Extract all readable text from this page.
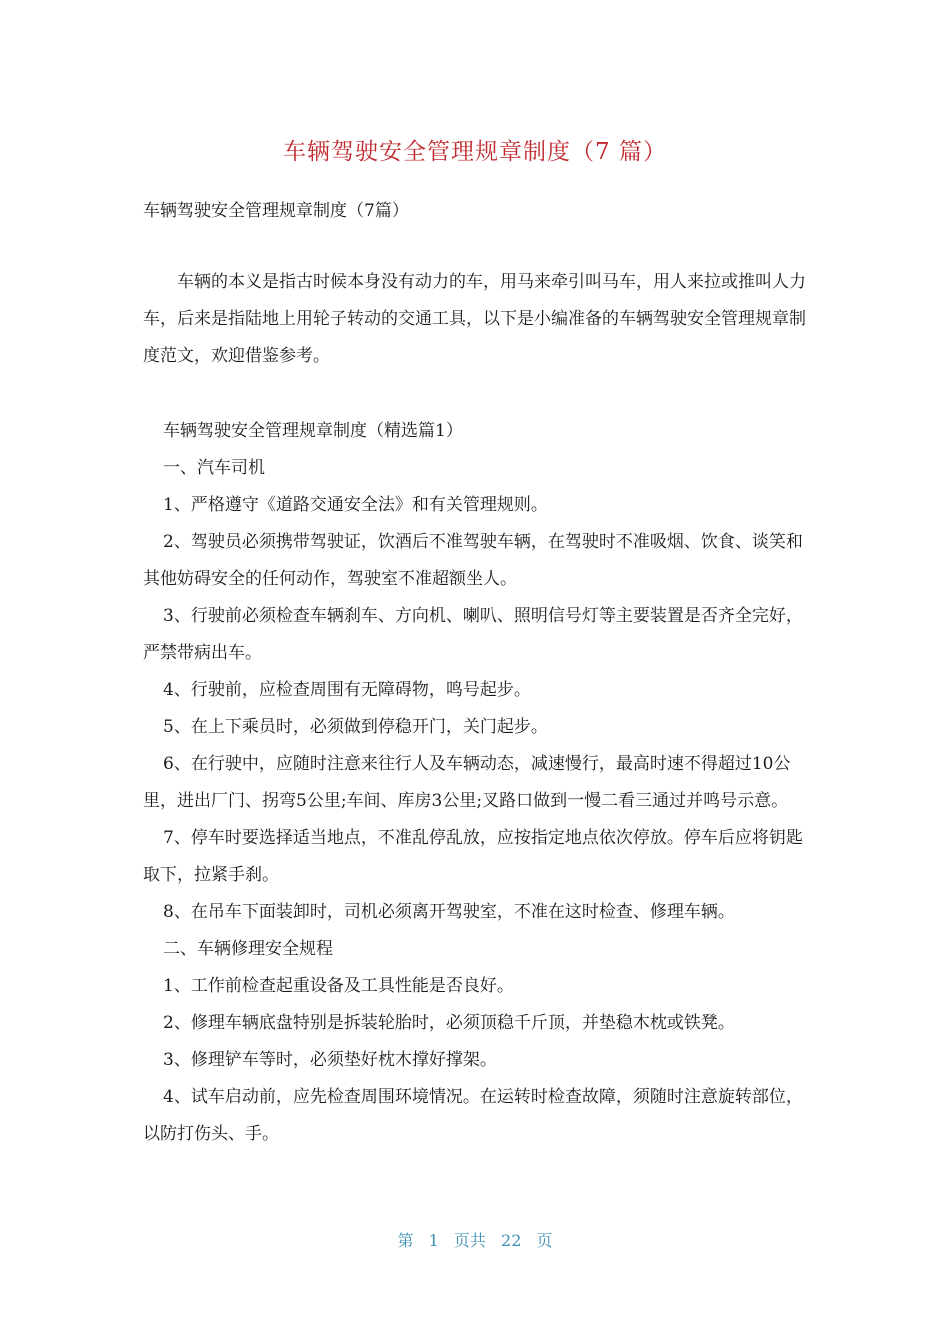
车辆驾驶安全管理规章制度（7 篇）

车辆驾驶安全管理规章制度（7篇）

车辆的本义是指古时候本身没有动力的车，用马来牵引叫马车，用人来拉或推叫人力车，后来是指陆地上用轮子转动的交通工具，以下是小编准备的车辆驾驶安全管理规章制度范文，欢迎借鉴参考。

车辆驾驶安全管理规章制度（精选篇1）

一、汽车司机

1、严格遵守《道路交通安全法》和有关管理规则。

2、驾驶员必须携带驾驶证，饮酒后不准驾驶车辆，在驾驶时不准吸烟、饮食、谈笑和其他妨碍安全的任何动作，驾驶室不准超额坐人。

3、行驶前必须检查车辆刹车、方向机、喇叭、照明信号灯等主要装置是否齐全完好，严禁带病出车。

4、行驶前，应检查周围有无障碍物，鸣号起步。

5、在上下乘员时，必须做到停稳开门，关门起步。

6、在行驶中，应随时注意来往行人及车辆动态，减速慢行，最高时速不得超过10公里，进出厂门、拐弯5公里;车间、库房3公里;叉路口做到一慢二看三通过并鸣号示意。

7、停车时要选择适当地点，不准乱停乱放，应按指定地点依次停放。停车后应将钥匙取下，拉紧手刹。

8、在吊车下面装卸时，司机必须离开驾驶室，不准在这时检查、修理车辆。

二、车辆修理安全规程

1、工作前检查起重设备及工具性能是否良好。

2、修理车辆底盘特别是拆装轮胎时，必须顶稳千斤顶，并垫稳木枕或铁凳。

3、修理铲车等时，必须垫好枕木撑好撑架。

4、试车启动前，应先检查周围环境情况。在运转时检查故障，须随时注意旋转部位，以防打伤头、手。

第 1 页共 22 页
